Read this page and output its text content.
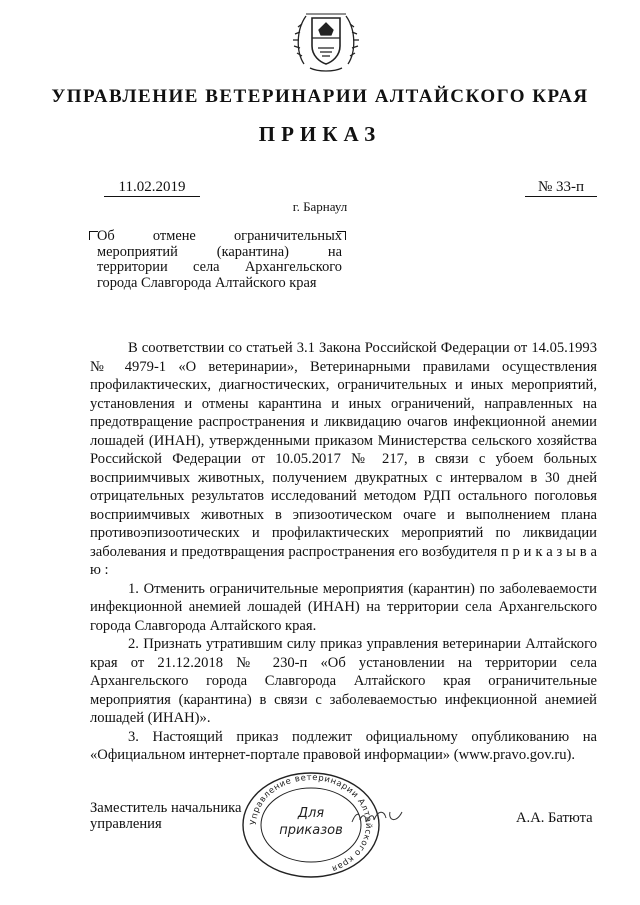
УПРАВЛЕНИЕ ВЕТЕРИНАРИИ АЛТАЙСКОГО КРАЯ
ПРИКАЗ
11.02.2019	№ 33-п
г. Барнаул
Об отмене ограничительных мероприятий (карантина) на территории села Архангельского города Славгорода Алтайского края

В соответствии со статьей 3.1 Закона Российской Федерации от 14.05.1993 № 4979-1 «О ветеринарии», Ветеринарными правилами осуществления профилактических, диагностических, ограничительных и иных мероприятий, установления и отмены карантина и иных ограничений, направленных на предотвращение распространения и ликвидацию очагов инфекционной анемии лошадей (ИНАН), утвержденными приказом Министерства сельского хозяйства Российской Федерации от 10.05.2017 № 217, в связи с убоем больных восприимчивых животных, получением двукратных с интервалом в 30 дней отрицательных результатов исследований методом РДП остального поголовья восприимчивых животных в эпизоотическом очаге и выполнением плана противоэпизоотических и профилактических мероприятий по ликвидации заболевания и предотвращения распространения его возбудителя п р и к а з ы в а ю :

1. Отменить ограничительные мероприятия (карантин) по заболеваемости инфекционной анемией лошадей (ИНАН) на территории села Архангельского города Славгорода Алтайского края.

2. Признать утратившим силу приказ управления ветеринарии Алтайского края от 21.12.2018 № 230-п «Об установлении на территории села Архангельского города Славгорода Алтайского края ограничительные мероприятия (карантина) в связи с заболеваемостью инфекционной анемией лошадей (ИНАН)».

3. Настоящий приказ подлежит официальному опубликованию на «Официальном интернет-портале правовой информации» (www.pravo.gov.ru).

Заместитель начальника
управления	Управление ветеринарии Алтайского края
Для
приказов
А.А. Батюта
